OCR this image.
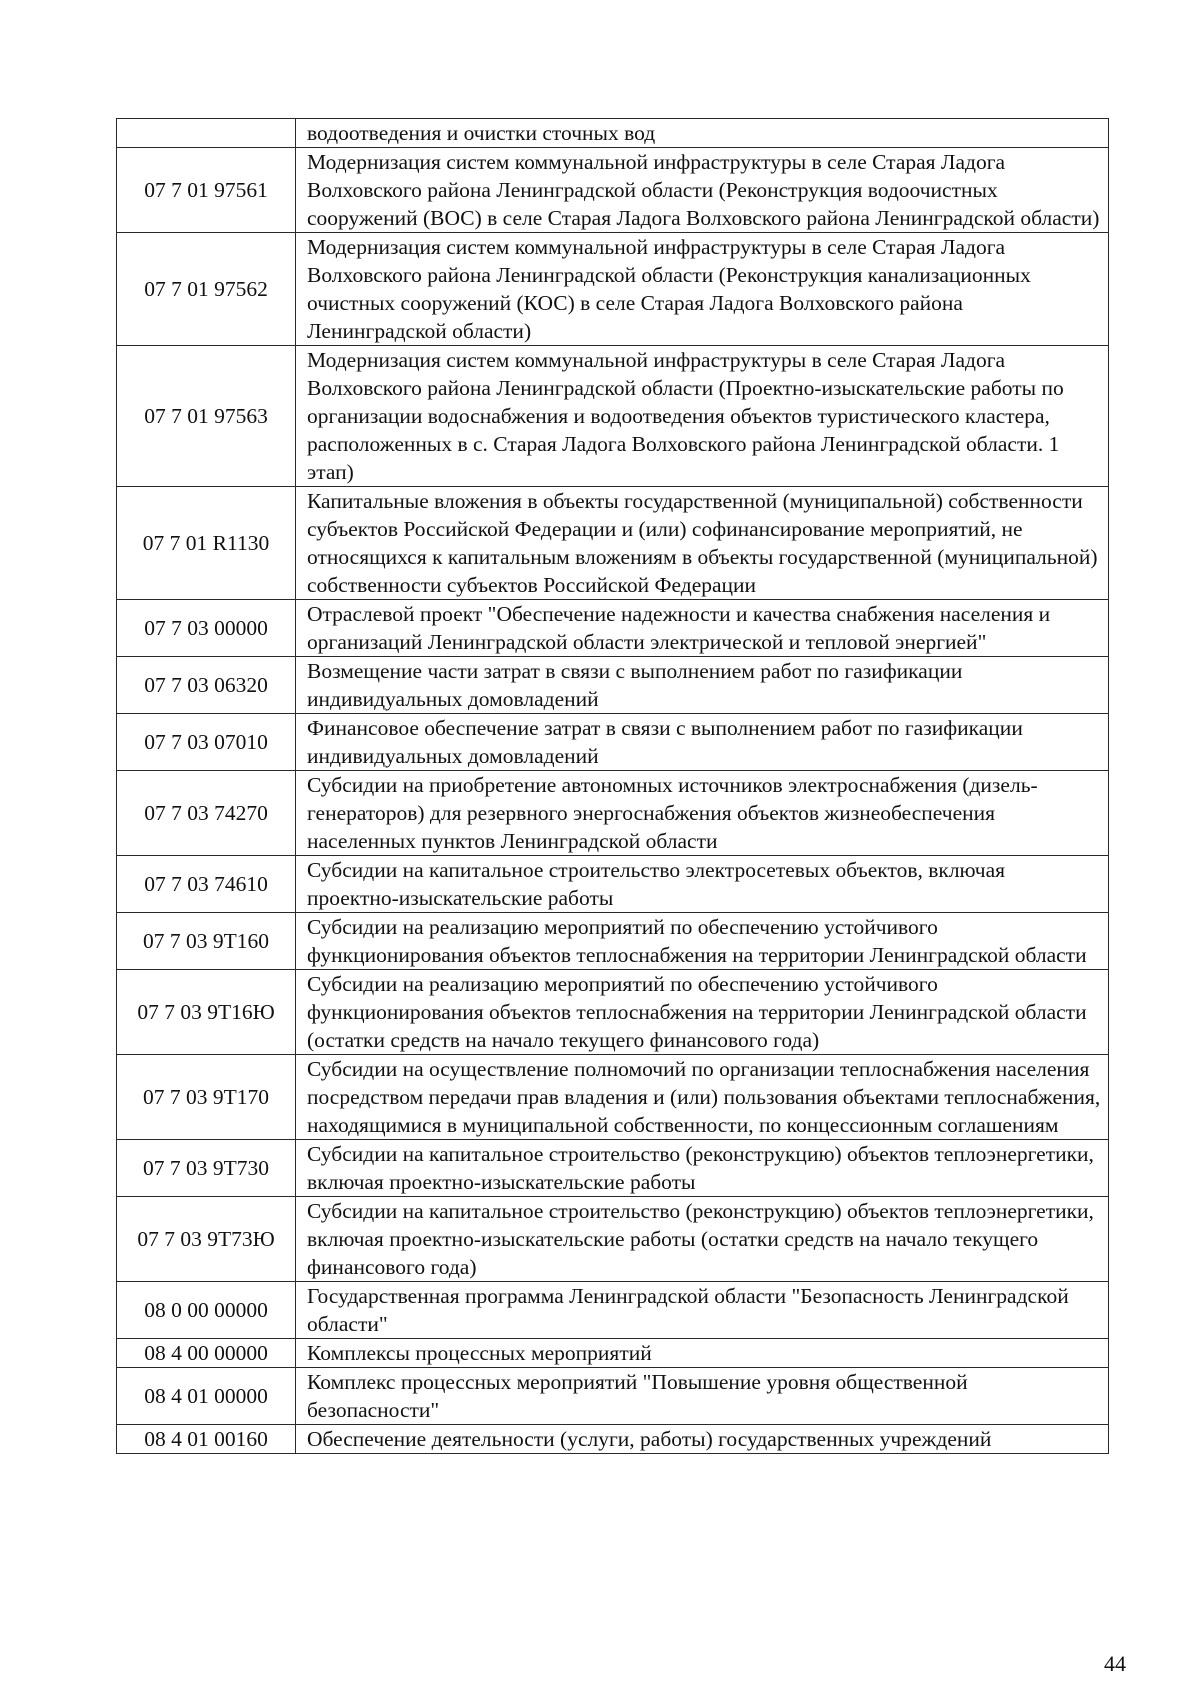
	водоотведения и очистки сточных вод
07 7 01 97561	Модернизация систем коммунальной инфраструктуры в селе Старая Ладога Волховского района Ленинградской области (Реконструкция водоочистных сооружений (ВОС) в селе Старая Ладога Волховского района Ленинградской области)
07 7 01 97562	Модернизация систем коммунальной инфраструктуры в селе Старая Ладога Волховского района Ленинградской области (Реконструкция канализационных очистных сооружений (КОС) в селе Старая Ладога Волховского района Ленинградской области)
07 7 01 97563	Модернизация систем коммунальной инфраструктуры в селе Старая Ладога Волховского района Ленинградской области (Проектно-изыскательские работы по организации водоснабжения и водоотведения объектов туристического кластера, расположенных в с. Старая Ладога Волховского района Ленинградской области. 1 этап)
07 7 01 R1130	Капитальные вложения в объекты государственной (муниципальной) собственности субъектов Российской Федерации и (или) софинансирование мероприятий, не относящихся к капитальным вложениям в объекты государственной (муниципальной) собственности субъектов Российской Федерации
07 7 03 00000	Отраслевой проект "Обеспечение надежности и качества снабжения населения и организаций Ленинградской области электрической и тепловой энергией"
07 7 03 06320	Возмещение части затрат в связи с выполнением работ по газификации индивидуальных домовладений
07 7 03 07010	Финансовое обеспечение затрат в связи с выполнением работ по газификации индивидуальных домовладений
07 7 03 74270	Субсидии на приобретение автономных источников электроснабжения (дизель-генераторов) для резервного энергоснабжения объектов жизнеобеспечения населенных пунктов Ленинградской области
07 7 03 74610	Субсидии на капитальное строительство электросетевых объектов, включая проектно-изыскательские работы
07 7 03 9Т160	Субсидии на реализацию мероприятий по обеспечению устойчивого функционирования объектов теплоснабжения на территории Ленинградской области
07 7 03 9Т16Ю	Субсидии на реализацию мероприятий по обеспечению устойчивого функционирования объектов теплоснабжения на территории Ленинградской области (остатки средств на начало текущего финансового года)
07 7 03 9Т170	Субсидии на осуществление полномочий по организации теплоснабжения населения посредством передачи прав владения и (или) пользования объектами теплоснабжения, находящимися в муниципальной собственности, по концессионным соглашениям
07 7 03 9Т730	Субсидии на капитальное строительство (реконструкцию) объектов теплоэнергетики, включая проектно-изыскательские работы
07 7 03 9Т73Ю	Субсидии на капитальное строительство (реконструкцию) объектов теплоэнергетики, включая проектно-изыскательские работы (остатки средств на начало текущего финансового года)
08 0 00 00000	Государственная программа Ленинградской области "Безопасность Ленинградской области"
08 4 00 00000	Комплексы процессных мероприятий
08 4 01 00000	Комплекс процессных мероприятий "Повышение уровня общественной безопасности"
08 4 01 00160	Обеспечение деятельности (услуги, работы) государственных учреждений
44
